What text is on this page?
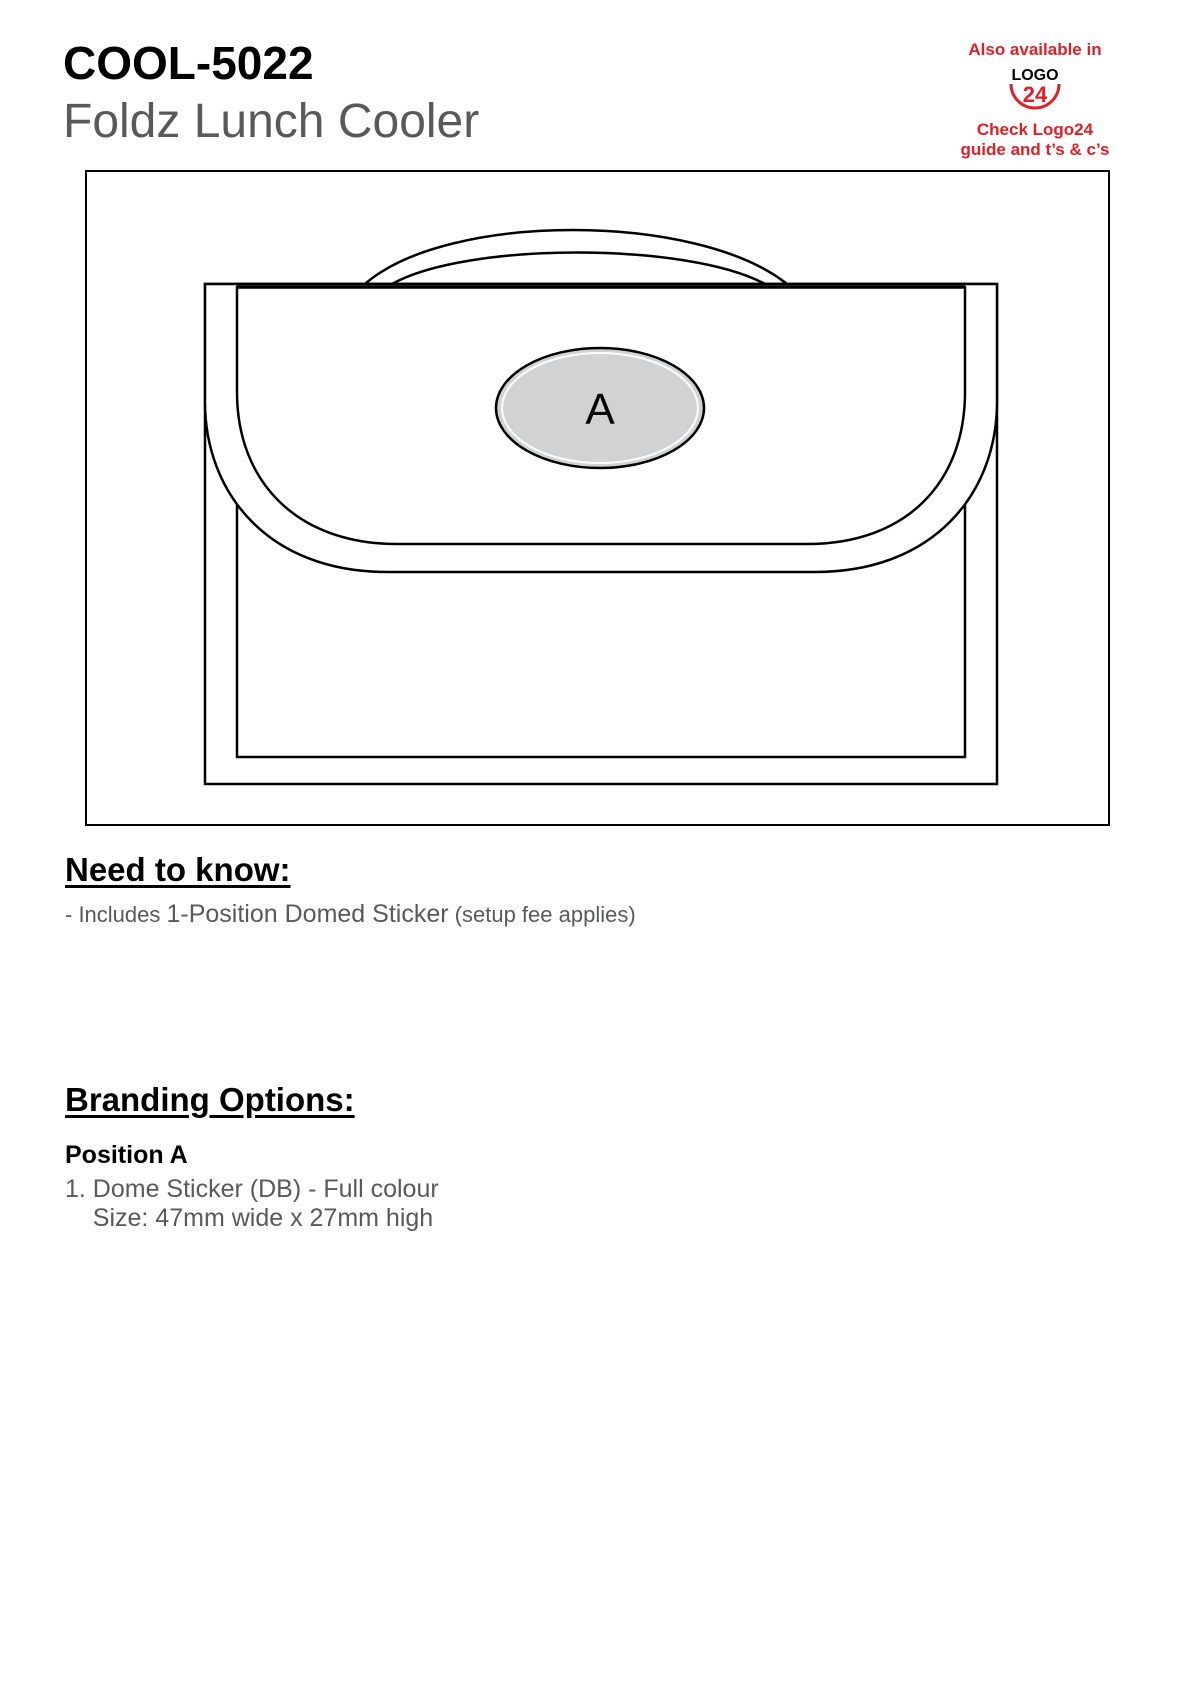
COOL-5022
Foldz Lunch Cooler
Also available in
LOGO
24
Check Logo24
guide and t’s & c’s
A
Need to know:
- Includes 1-Position Domed Sticker (setup fee applies)
Branding Options:
Position A
1. Dome Sticker (DB) - Full colour
Size: 47mm wide x 27mm high
